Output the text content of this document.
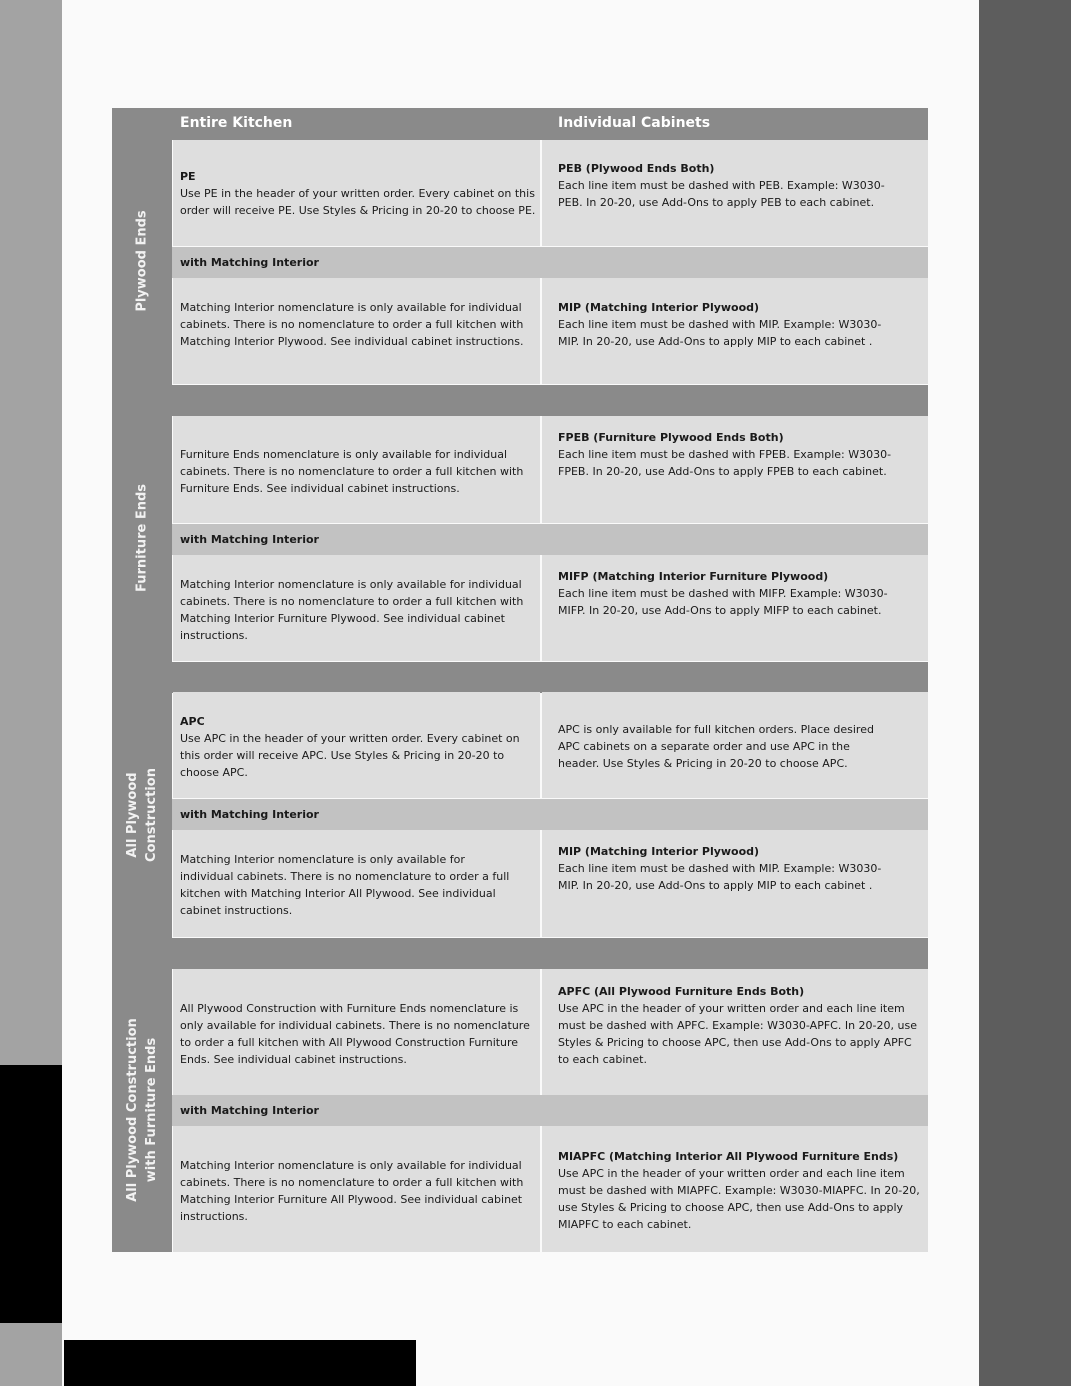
Entire Kitchen	Individual Cabinets
Plywood Ends
Furniture Ends
All Plywood Construction
All Plywood Construction with Furniture Ends
PE
Use PE in the header of your written order. Every cabinet on this order will receive PE. Use Styles & Pricing in 20-20 to choose PE.
PEB (Plywood Ends Both)
Each line item must be dashed with PEB. Example: W3030-PEB. In 20-20, use Add-Ons to apply PEB to each cabinet.
with Matching Interior
Matching Interior nomenclature is only available for individual cabinets. There is no nomenclature to order a full kitchen with Matching Interior Plywood. See individual cabinet instructions.
MIP (Matching Interior Plywood)
Each line item must be dashed with MIP. Example: W3030-MIP. In 20-20, use Add-Ons to apply MIP to each cabinet .
Furniture Ends nomenclature is only available for individual cabinets. There is no nomenclature to order a full kitchen with Furniture Ends. See individual cabinet instructions.
FPEB (Furniture Plywood Ends Both)
Each line item must be dashed with FPEB. Example: W3030-FPEB. In 20-20, use Add-Ons to apply FPEB to each cabinet.
with Matching Interior
Matching Interior nomenclature is only available for individual cabinets. There is no nomenclature to order a full kitchen with Matching Interior Furniture Plywood. See individual cabinet instructions.
MIFP (Matching Interior Furniture Plywood)
Each line item must be dashed with MIFP. Example: W3030-MIFP. In 20-20, use Add-Ons to apply MIFP to each cabinet.
APC
Use APC in the header of your written order. Every cabinet on this order will receive APC. Use Styles & Pricing in 20-20 to choose APC.
APC is only available for full kitchen orders. Place desired APC cabinets on a separate order and use APC in the header. Use Styles & Pricing in 20-20 to choose APC.
with Matching Interior
Matching Interior nomenclature is only available for individual cabinets. There is no nomenclature to order a full kitchen with Matching Interior All Plywood. See individual cabinet instructions.
MIP (Matching Interior Plywood)
Each line item must be dashed with MIP. Example: W3030-MIP. In 20-20, use Add-Ons to apply MIP to each cabinet .
All Plywood Construction with Furniture Ends nomenclature is only available for individual cabinets. There is no nomenclature to order a full kitchen with All Plywood Construction Furniture Ends. See individual cabinet instructions.
APFC (All Plywood Furniture Ends Both)
Use APC in the header of your written order and each line item must be dashed with APFC. Example: W3030-APFC. In 20-20, use Styles & Pricing to choose APC, then use Add-Ons to apply APFC to each cabinet.
with Matching Interior
Matching Interior nomenclature is only available for individual cabinets. There is no nomenclature to order a full kitchen with Matching Interior Furniture All Plywood. See individual cabinet instructions.
MIAPFC (Matching Interior All Plywood Furniture Ends)
Use APC in the header of your written order and each line item must be dashed with MIAPFC. Example: W3030-MIAPFC. In 20-20, use Styles & Pricing to choose APC, then use Add-Ons to apply MIAPFC to each cabinet.
